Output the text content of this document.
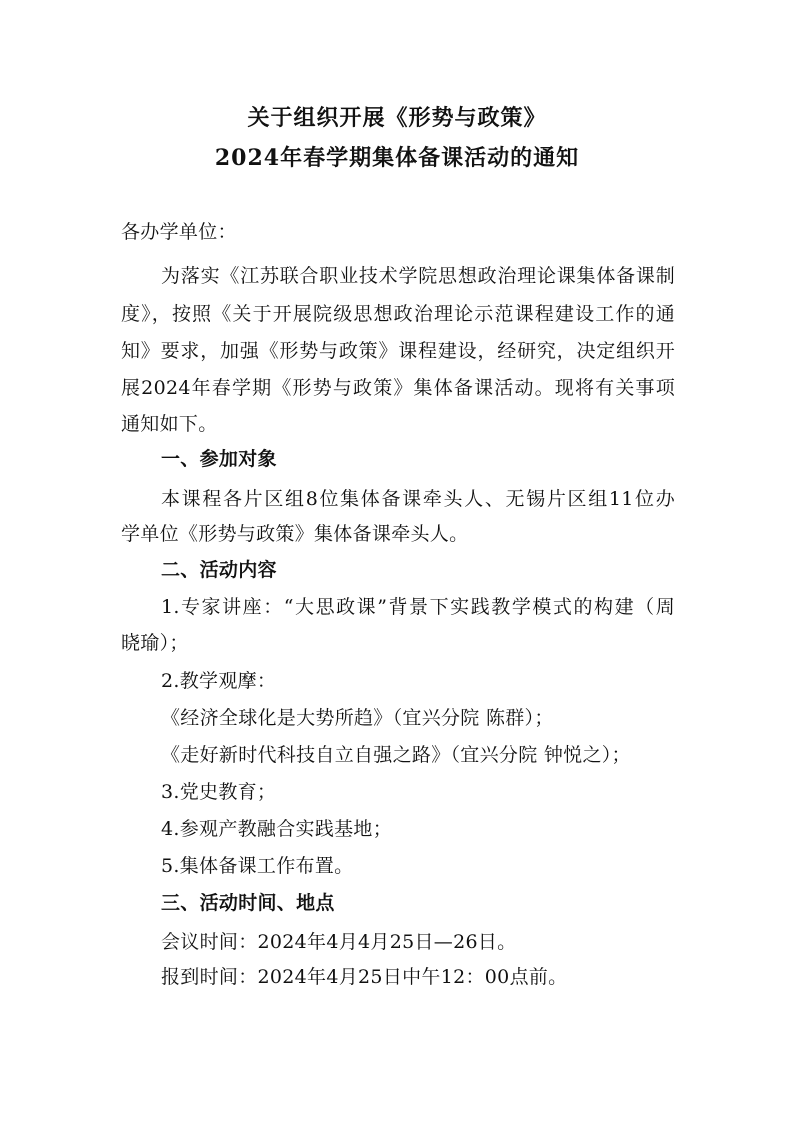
关于组织开展《形势与政策》
2024年春学期集体备课活动的通知
各办学单位：
为落实《江苏联合职业技术学院思想政治理论课集体备课制
度》，按照《关于开展院级思想政治理论示范课程建设工作的通
知》要求，加强《形势与政策》课程建设，经研究，决定组织开
展2024年春学期《形势与政策》集体备课活动。现将有关事项
通知如下。
一、参加对象
本课程各片区组8位集体备课牵头人、无锡片区组11位办
学单位《形势与政策》集体备课牵头人。
二、活动内容
1.专家讲座：“大思政课”背景下实践教学模式的构建（周
晓瑜）；
2.教学观摩：
《经济全球化是大势所趋》（宜兴分院 陈群）；
《走好新时代科技自立自强之路》（宜兴分院 钟悦之）；
3.党史教育；
4.参观产教融合实践基地；
5.集体备课工作布置。
三、活动时间、地点
会议时间：2024年4月4月25日—26日。
报到时间：2024年4月25日中午12：00点前。
